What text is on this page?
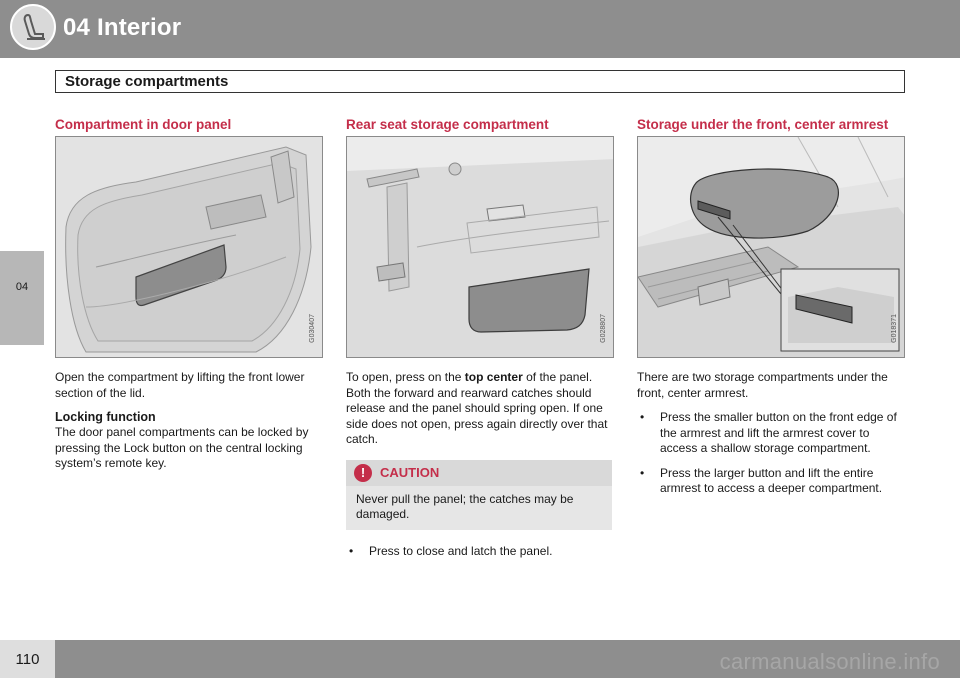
04 Interior
Storage compartments
04
Compartment in door panel
G030407

Open the compartment by lifting the front lower section of the lid.

Locking function

The door panel compartments can be locked by pressing the Lock button on the central locking system’s remote key.

Rear seat storage compartment
G028807

To open, press on the top center of the panel. Both the forward and rearward catches should release and the panel should spring open. If one side does not open, press again directly over that catch.

!	CAUTION
Never pull the panel; the catches may be damaged.
• Press to close and latch the panel.
Storage under the front, center armrest
G018371

There are two storage compartments under the front, center armrest.

• Press the smaller button on the front edge of the armrest and lift the armrest cover to access a shallow storage compartment.
• Press the larger button and lift the entire armrest to access a deeper compartment.
110	carmanualsonline.info
